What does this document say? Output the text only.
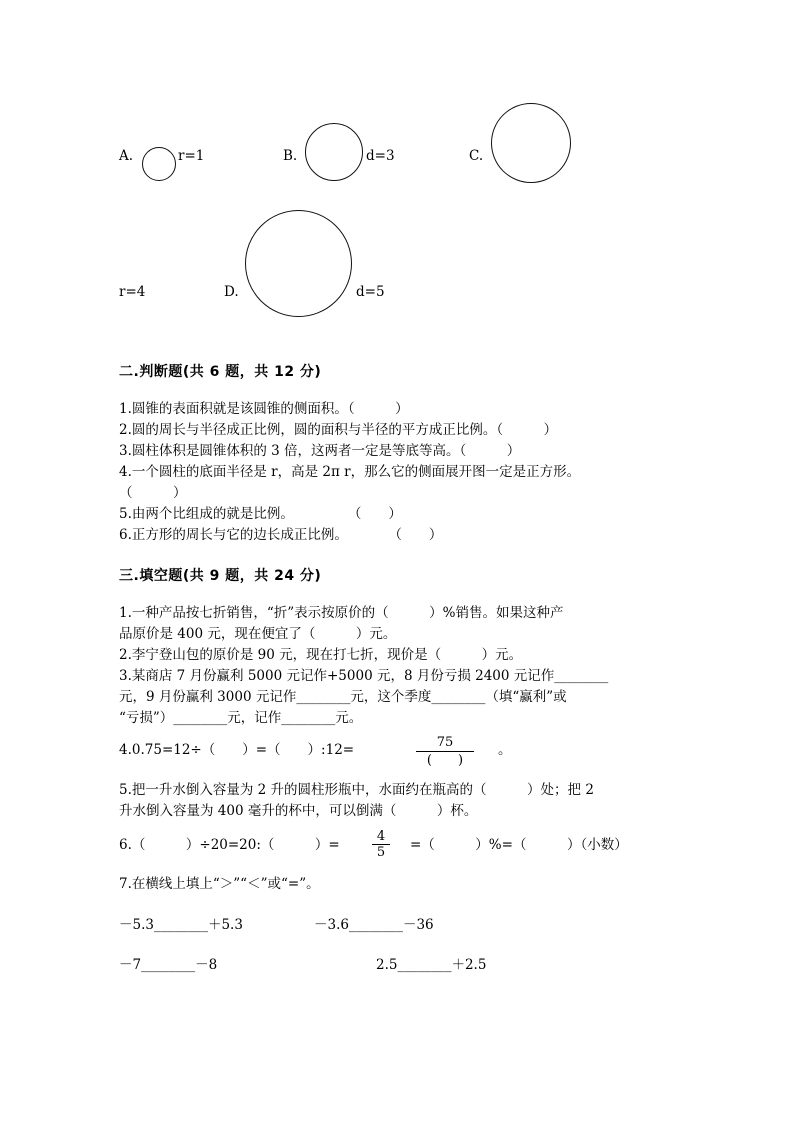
A.	r=1	B.	d=3	C.
r=4	D.	d=5
二.判断题(共 6 题，共 12 分)
1.圆锥的表面积就是该圆锥的侧面积。（　　　）
2.圆的周长与半径成正比例，圆的面积与半径的平方成正比例。（　　　）
3.圆柱体积是圆锥体积的 3 倍，这两者一定是等底等高。（　　　）
4.一个圆柱的底面半径是 r，高是 2π r，那么它的侧面展开图一定是正方形。
（　　　）
5.由两个比组成的就是比例。　　　　　（　　）
6.正方形的周长与它的边长成正比例。　　　　（　　）
三.填空题(共 9 题，共 24 分)
1.一种产品按七折销售，“折”表示按原价的（　　　）%销售。如果这种产
品原价是 400 元，现在便宜了（　　　）元。
2.李宁登山包的原价是 90 元，现在打七折，现价是（　　　）元。
3.某商店 7 月份赢利 5000 元记作+5000 元，8 月份亏损 2400 元记作________
元，9 月份赢利 3000 元记作________元，这个季度________（填“赢利”或
“亏损”）________元，记作________元。
4.0.75=12÷（　　）=（　　）:12=	75
(　　)
。
5.把一升水倒入容量为 2 升的圆柱形瓶中，水面约在瓶高的（　　　）处；把 2
升水倒入容量为 400 毫升的杯中，可以倒满（　　　）杯。
6.（　　　）÷20=20:（　　　）= $\frac{4}{5}$ =（　　　）%=（　　　）（小数）
7.在横线上填上“＞”“＜”或“=”。
－5.3________＋5.3	－3.6________－36
－7________－8	2.5________＋2.5
